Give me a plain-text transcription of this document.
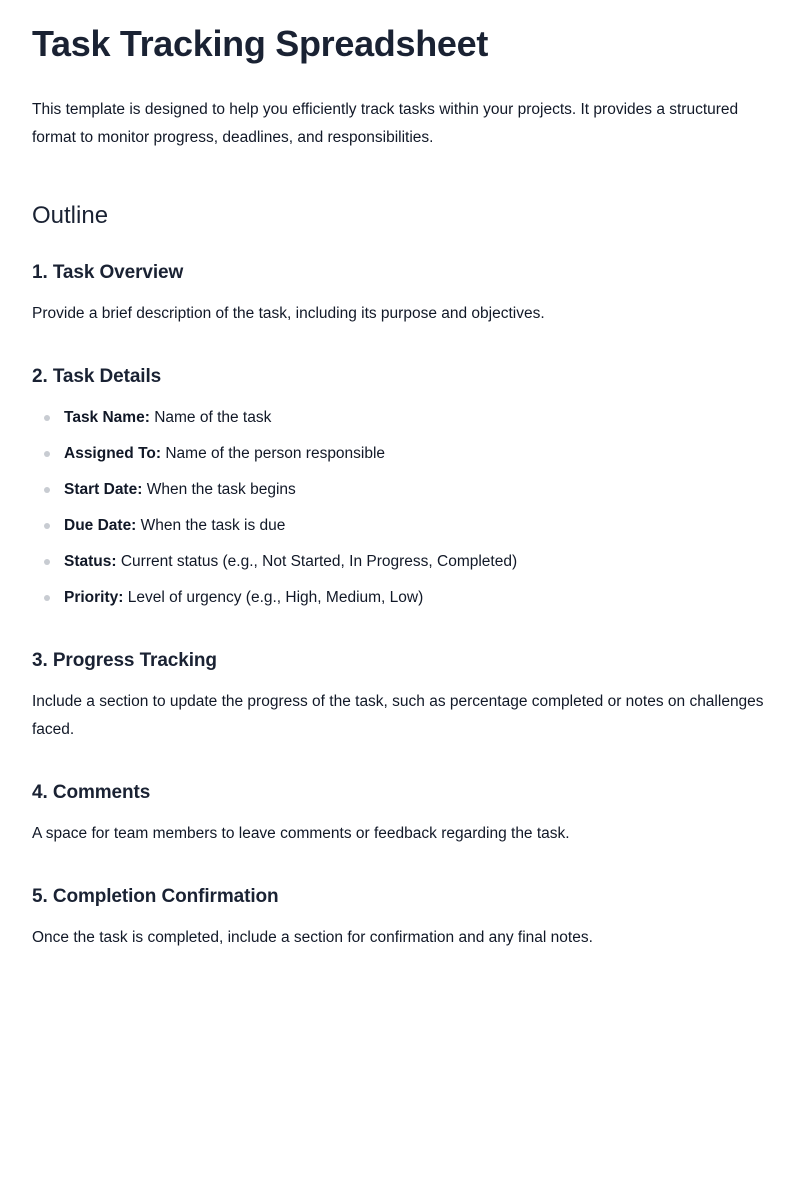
Task Tracking Spreadsheet

This template is designed to help you efficiently track tasks within your projects. It provides a structured format to monitor progress, deadlines, and responsibilities.

Outline
1. Task Overview

Provide a brief description of the task, including its purpose and objectives.

2. Task Details
Task Name: Name of the task
Assigned To: Name of the person responsible
Start Date: When the task begins
Due Date: When the task is due
Status: Current status (e.g., Not Started, In Progress, Completed)
Priority: Level of urgency (e.g., High, Medium, Low)
3. Progress Tracking

Include a section to update the progress of the task, such as percentage completed or notes on challenges faced.

4. Comments

A space for team members to leave comments or feedback regarding the task.

5. Completion Confirmation

Once the task is completed, include a section for confirmation and any final notes.
